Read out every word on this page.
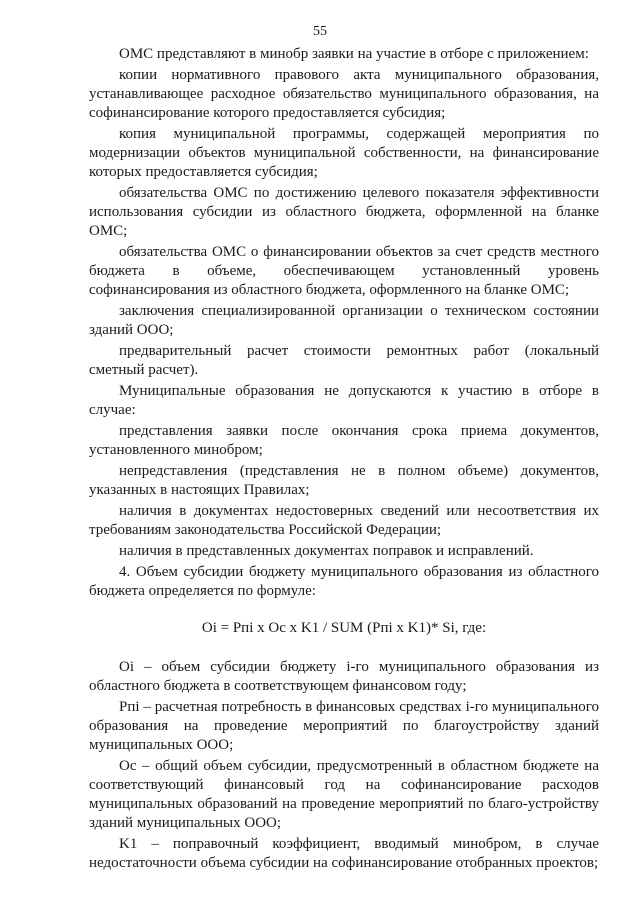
55

ОМС представляют в минобр заявки на участие в отборе с приложением:

копии нормативного правового акта муниципального образования, устанавливающее расходное обязательство муниципального образования, на софинансирование которого предоставляется субсидия;

копия муниципальной программы, содержащей мероприятия по модернизации объектов муниципальной собственности, на финансирование которых предоставляется субсидия;

обязательства ОМС по достижению целевого показателя эффективности использования субсидии из областного бюджета, оформленной на бланке ОМС;

обязательства ОМС о финансировании объектов за счет средств местного бюджета в объеме, обеспечивающем установленный уровень софинансирования из областного бюджета, оформленного на бланке ОМС;

заключения специализированной организации о техническом состоянии зданий ООО;

предварительный расчет стоимости ремонтных работ (локальный сметный расчет).

Муниципальные образования не допускаются к участию в отборе в случае:

представления заявки после окончания срока приема документов, установленного минобром;

непредставления (представления не в полном объеме) документов, указанных в настоящих Правилах;

наличия в документах недостоверных сведений или несоответствия их требованиям законодательства Российской Федерации;

наличия в представленных документах поправок и исправлений.

4. Объем субсидии бюджету муниципального образования из областного бюджета определяется по формуле:

Oi = Рпi x Oc x K1 / SUM (Рпi x K1)* Si, где:

Oi – объем субсидии бюджету i-го муниципального образования из областного бюджета в соответствующем финансовом году;

Рпi – расчетная потребность в финансовых средствах i-го муниципального образования на проведение мероприятий по благоустройству зданий муниципальных ООО;

Ос – общий объем субсидии, предусмотренный в областном бюджете на соответствующий финансовый год на софинансирование расходов муниципальных образований на проведение мероприятий по благо-устройству зданий муниципальных ООО;

K1 – поправочный коэффициент, вводимый минобром, в случае недостаточности объема субсидии на софинансирование отобранных проектов;
